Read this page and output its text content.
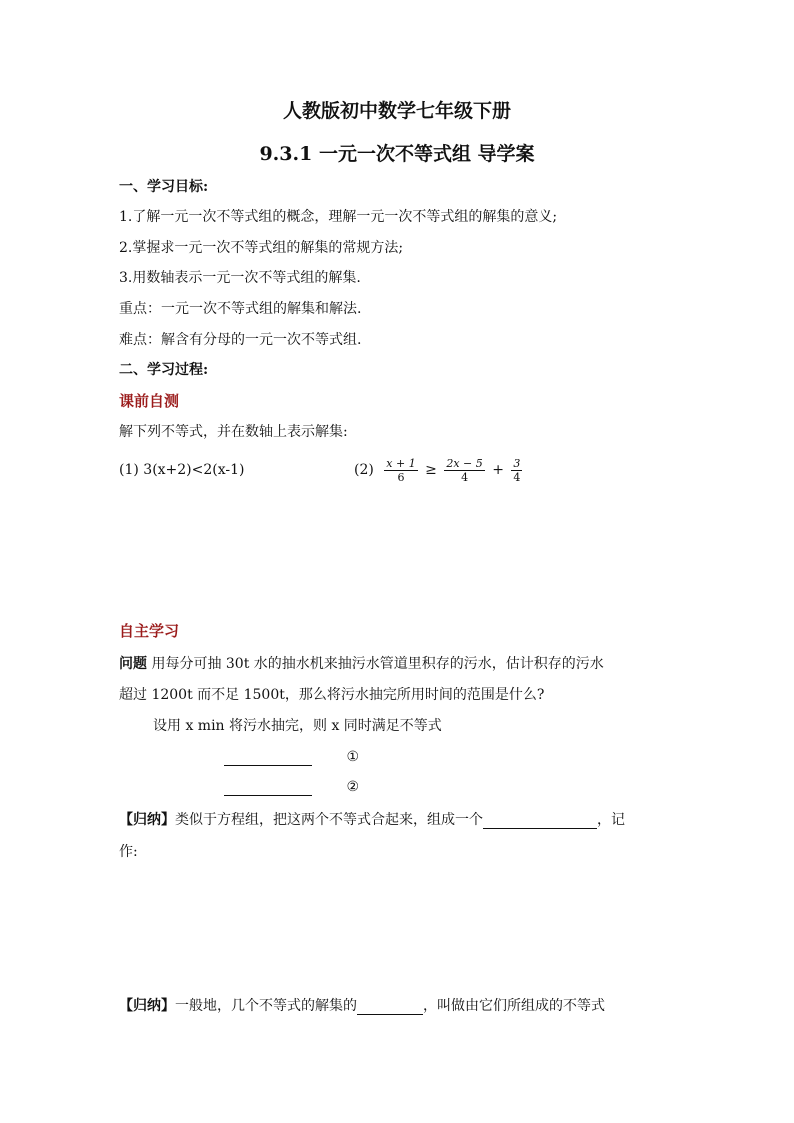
人教版初中数学七年级下册
9.3.1 一元一次不等式组 导学案
一、学习目标:
1.了解一元一次不等式组的概念，理解一元一次不等式组的解集的意义;
2.掌握求一元一次不等式组的解集的常规方法;
3.用数轴表示一元一次不等式组的解集.
重点：一元一次不等式组的解集和解法.
难点：解含有分母的一元一次不等式组.
二、学习过程:
课前自测
解下列不等式，并在数轴上表示解集:
(1) 3(x+2)<2(x-1)	$(2) \frac{x + 1}{6} \ge \frac{2x - 5}{4} + \frac{3}{4}$
自主学习
问题 用每分可抽 30t 水的抽水机来抽污水管道里积存的污水，估计积存的污水
超过 1200t 而不足 1500t，那么将污水抽完所用时间的范围是什么?
设用 x min 将污水抽完，则 x 同时满足不等式
①
②
【归纳】类似于方程组，把这两个不等式合起来，组成一个	，记
作:
【归纳】一般地，几个不等式的解集的	，叫做由它们所组成的不等式
